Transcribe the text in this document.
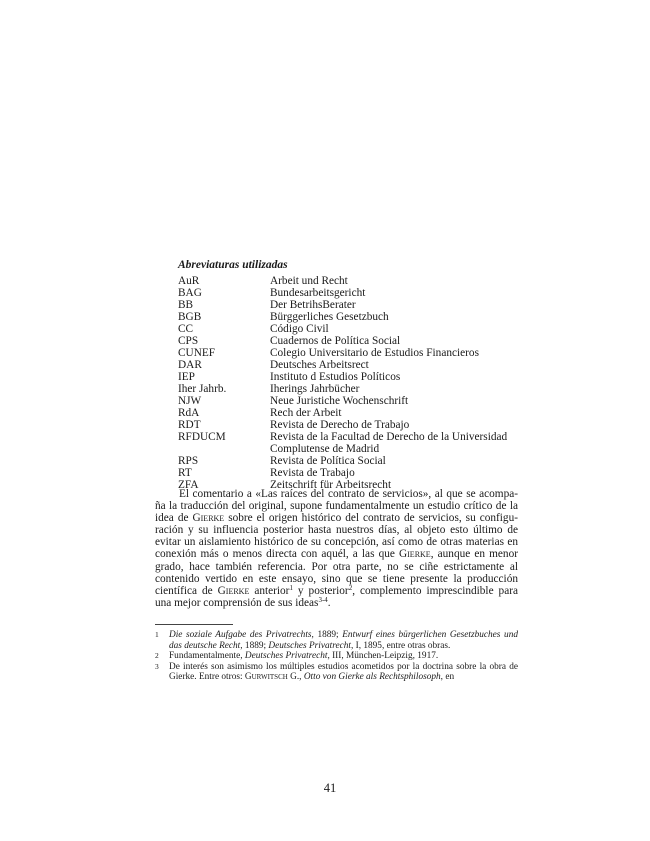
Abreviaturas utilizadas
AuR	Arbeit und Recht
BAG	Bundesarbeitsgericht
BB	Der BetrihsBerater
BGB	Bürggerliches Gesetzbuch
CC	Código Civil
CPS	Cuadernos de Política Social
CUNEF	Colegio Universitario de Estudios Financieros
DAR	Deutsches Arbeitsrect
IEP	Instituto d Estudios Políticos
Iher Jahrb.	Iherings Jahrbücher
NJW	Neue Juristiche Wochenschrift
RdA	Rech der Arbeit
RDT	Revista de Derecho de Trabajo
RFDUCM	Revista de la Facultad de Derecho de la Universidad Complutense de Madrid
RPS	Revista de Política Social
RT	Revista de Trabajo
ZFA	Zeitschrift für Arbeitsrecht

El comentario a «Las raíces del contrato de servicios», al que se acompa-ña la traducción del original, supone fundamentalmente un estudio crítico de la idea de Gierke sobre el origen histórico del contrato de servicios, su configu-ración y su influencia posterior hasta nuestros días, al objeto esto último de evitar un aislamiento histórico de su concepción, así como de otras materias en conexión más o menos directa con aquél, a las que Gierke, aunque en menor grado, hace también referencia. Por otra parte, no se ciñe estrictamente al contenido vertido en este ensayo, sino que se tiene presente la producción científica de Gierke anterior$^1$ y posterior$^2$, complemento imprescindible para una mejor comprensión de sus ideas$^{3-4}$.

1	Die soziale Aufgabe des Privatrechts, 1889; Entwurf eines bürgerlichen Gesetzbuches und das deutsche Recht, 1889; Deutsches Privatrecht, I, 1895, entre otras obras.
2	Fundamentalmente, Deutsches Privatrecht, III, München-Leipzig, 1917.
3	De interés son asimismo los múltiples estudios acometidos por la doctrina sobre la obra de Gierke. Entre otros: Gurwitsch G., Otto von Gierke als Rechtsphilosoph, en
41
